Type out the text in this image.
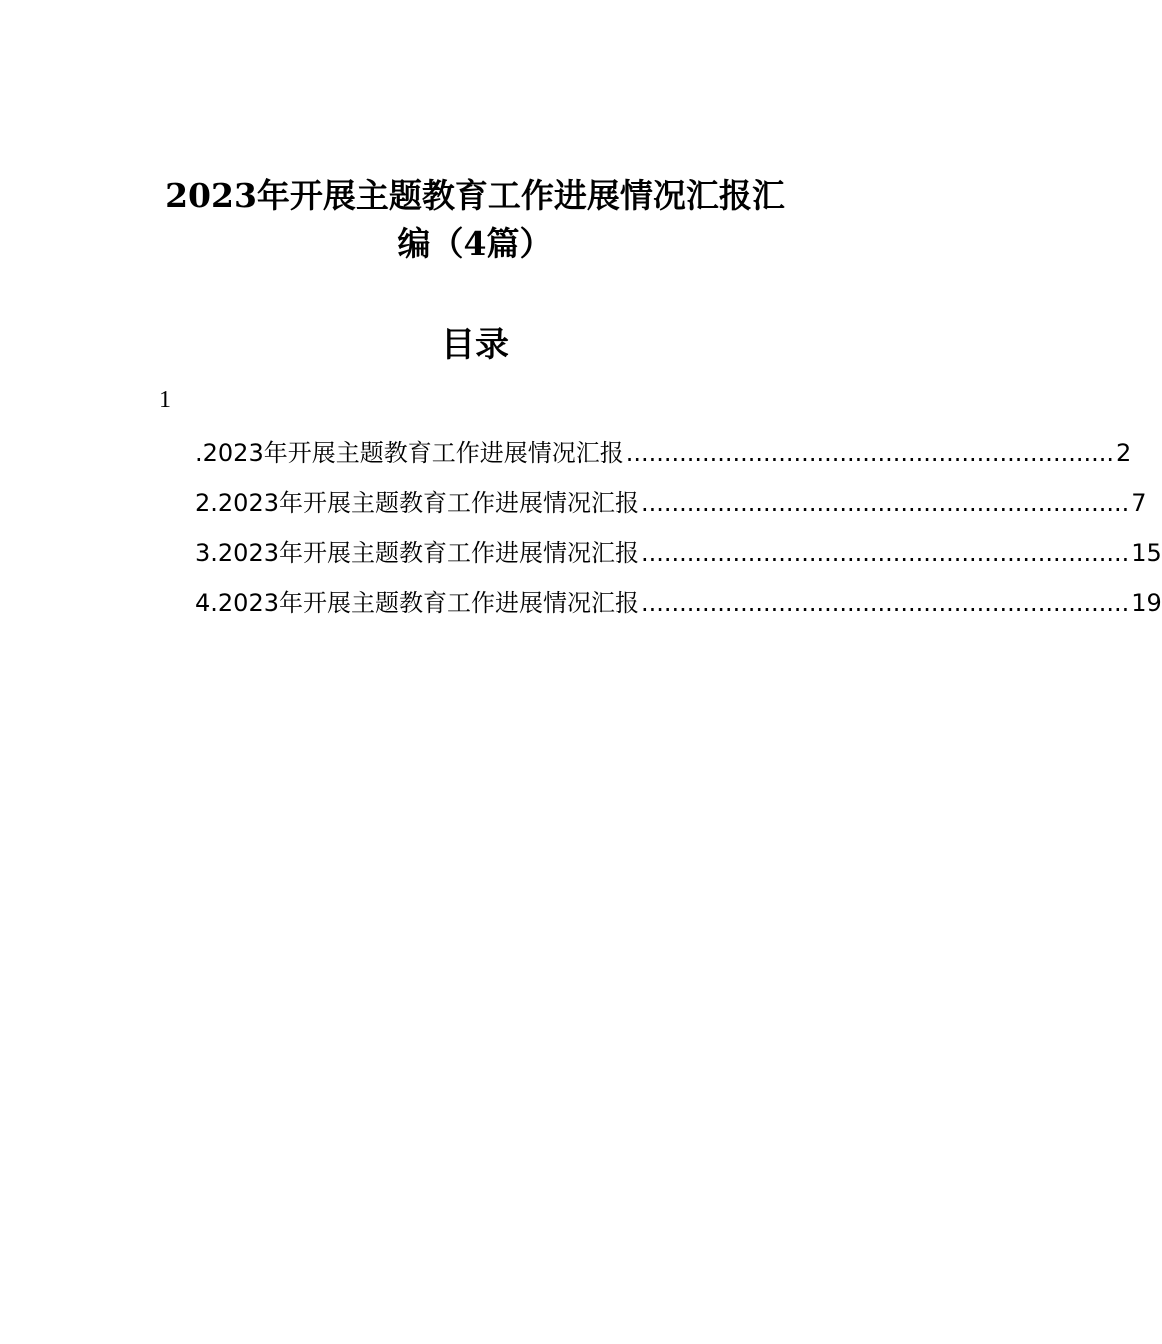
2023年开展主题教育工作进展情况汇报汇
编（4篇）
目录
1
.2023年开展主题教育工作进展情况汇报 ................................................................ 2
2.2023年开展主题教育工作进展情况汇报 ................................................................ 7
3.2023年开展主题教育工作进展情况汇报 ................................................................ 15
4.2023年开展主题教育工作进展情况汇报 ................................................................ 19
